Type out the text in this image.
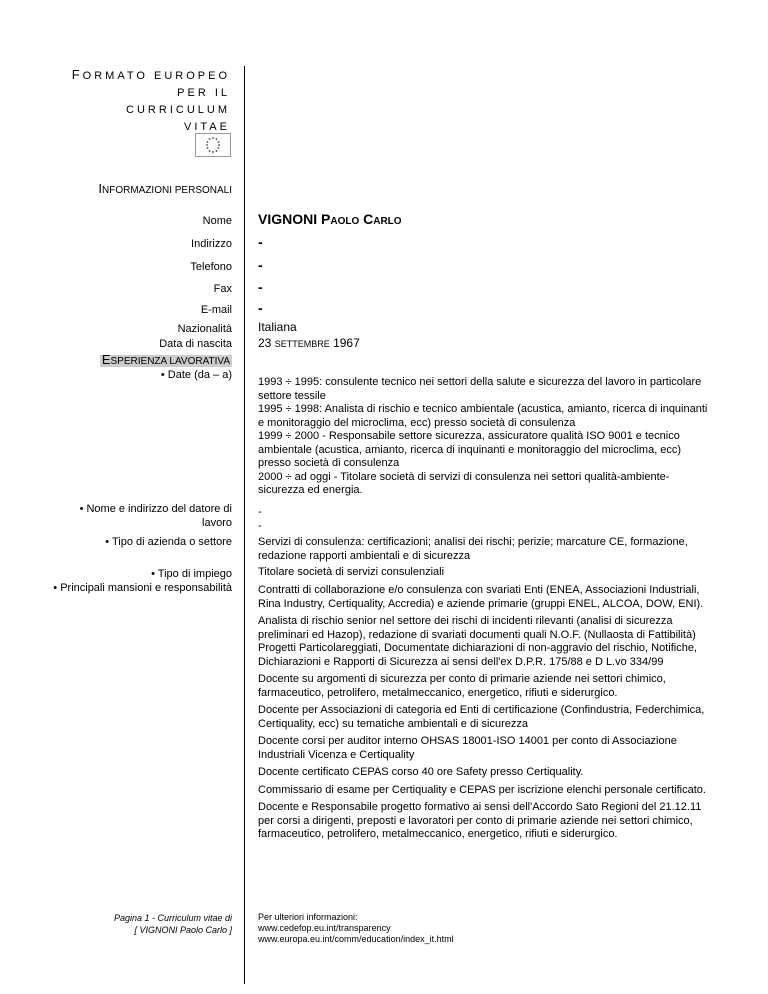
FORMATO EUROPEO
PER IL CURRICULUM
VITAE
INFORMAZIONI PERSONALI
Nome VIGNONI Paolo Carlo
Indirizzo -
Telefono -
Fax -
E-mail -
Nazionalità Italiana
Data di nascita 23 SETTEMBRE 1967
ESPERIENZA LAVORATIVA
• Date (da – a)
1993 ÷ 1995: consulente tecnico nei settori della salute e sicurezza del lavoro in particolare settore tessile
1995 ÷ 1998: Analista di rischio e tecnico ambientale (acustica, amianto, ricerca di inquinanti e monitoraggio del microclima, ecc) presso società di consulenza
1999 ÷ 2000 - Responsabile settore sicurezza, assicuratore qualità ISO 9001 e tecnico ambientale (acustica, amianto, ricerca di inquinanti e monitoraggio del microclima, ecc) presso società di consulenza
2000 ÷ ad oggi - Titolare società di servizi di consulenza nei settori qualità-ambiente-sicurezza ed energia.
• Nome e indirizzo del datore di lavoro
-
-
• Tipo di azienda o settore Servizi di consulenza: certificazioni; analisi dei rischi; perizie; marcature CE, formazione, redazione rapporti ambientali e di sicurezza
• Tipo di impiego Titolare società di servizi consulenziali
• Principali mansioni e responsabilità Contratti di collaborazione e/o consulenza con svariati Enti (ENEA, Associazioni Industriali, Rina Industry, Certiquality, Accredia) e aziende primarie (gruppi ENEL, ALCOA, DOW, ENI).
Analista di rischio senior nel settore dei rischi di incidenti rilevanti (analisi di sicurezza preliminari ed Hazop), redazione di svariati documenti quali N.O.F. (Nullaosta di Fattibilità) Progetti Particolareggiati, Documentate dichiarazioni di non-aggravio del rischio, Notifiche, Dichiarazioni e Rapporti di Sicurezza ai sensi dell'ex D.P.R. 175/88 e D L.vo 334/99
Docente su argomenti di sicurezza per conto di primarie aziende nei settori chimico, farmaceutico, petrolifero, metalmeccanico, energetico, rifiuti e siderurgico.
Docente per Associazioni di categoria ed Enti di certificazione (Confindustria, Federchimica, Certiquality, ecc) su tematiche ambientali e di sicurezza
Docente corsi per auditor interno OHSAS 18001-ISO 14001 per conto di Associazione Industriali Vicenza e Certiquality
Docente certificato CEPAS corso 40 ore Safety presso Certiquality.
Commissario di esame per Certiquality e CEPAS per iscrizione elenchi personale certificato.
Docente e Responsabile progetto formativo ai sensi dell'Accordo Sato Regioni del 21.12.11 per corsi a dirigenti, preposti e lavoratori per conto di primarie aziende nei settori chimico, farmaceutico, petrolifero, metalmeccanico, energetico, rifiuti e siderurgico.
Pagina 1 - Curriculum vitae di
[ VIGNONI Paolo Carlo ]
Per ulteriori informazioni:
www.cedefop.eu.int/transparency
www.europa.eu.int/comm/education/index_it.html
